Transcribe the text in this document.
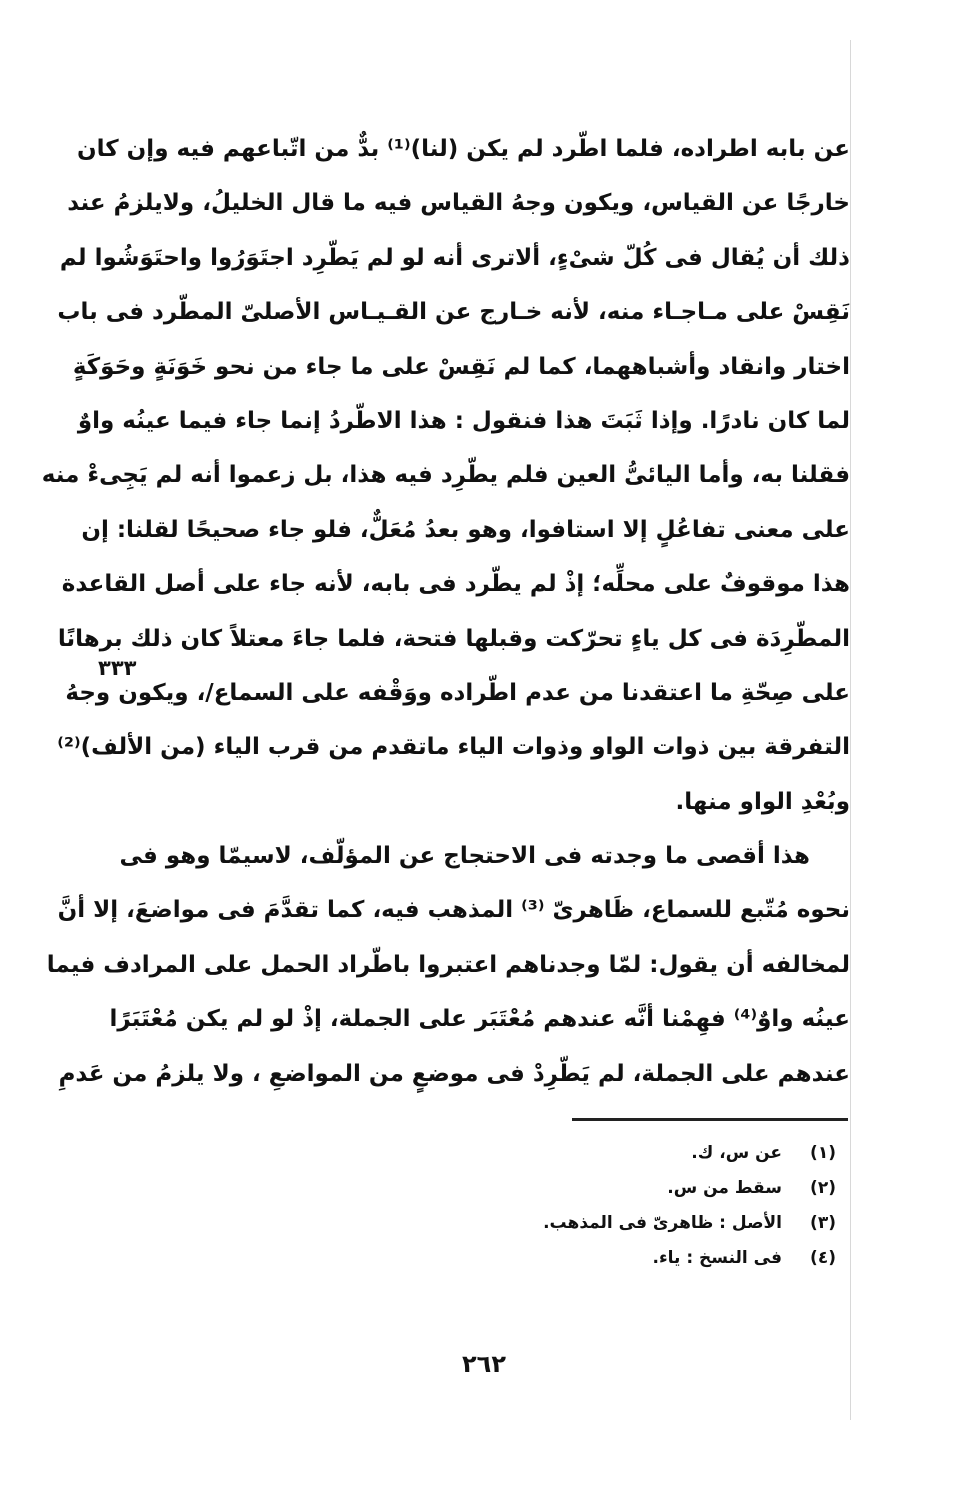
عن بابه اطراده، فلما اطّرد لم يكن (لنا)⁽¹⁾ بدٌّ من اتّباعهم فيه وإن كان
خارجًا عن القياس، ويكون وجهُ القياس فيه ما قال الخليلُ، ولايلزمُ عند
ذلك أن يُقال فى كُلّ شىْءٍ، ألاترى أنه لو لم يَطّرِد اجتَوَرُوا واحتَوَشُوا لم
نَقِسْ على مـاجـاء منه، لأنه خـارج عن القـيـاس الأصلىّ المطّرد فى باب
اختار وانقاد وأشباههما، كما لم نَقِسْ على ما جاء من نحو خَوَنَةٍ وحَوَكَةٍ
لما كان نادرًا. وإذا ثَبَتَ هذا فنقول : هذا الاطّردُ إنما جاء فيما عينُه واوٌ
فقلنا به، وأما اليائىُّ العين فلم يطّرِد فيه هذا، بل زعموا أنه لم يَجِىءْ منه
على معنى تفاعُلٍ إلا استافوا، وهو بعدُ مُعَلٌّ، فلو جاء صحيحًا لقلنا: إن
هذا موقوفٌ على محلِّه؛ إذْ لم يطّرد فى بابه، لأنه جاء على أصل القاعدة
المطّرِدَة فى كل ياءٍ تحرّكت وقبلها فتحة، فلما جاءَ معتلاً كان ذلك برهانًا
على صِحّةِ ما اعتقدنا من عدم اطّراده ووَقْفه على السماع/، ويكون وجهُ
التفرقة بين ذوات الواو وذوات الياء ماتقدم من قرب الياء (من الألف)⁽²⁾
وبُعْدِ الواو منها.
هذا أقصى ما وجدته فى الاحتجاج عن المؤلّف، لاسيمّا وهو فى
نحوه مُتّبع للسماع، ظَاهرىّ ⁽³⁾ المذهب فيه، كما تقدَّمَ فى مواضعَ، إلا أنَّ
لمخالفه أن يقول: لمّا وجدناهم اعتبروا باطّراد الحمل على المرادف فيما
عينُه واوٌ⁽⁴⁾ فهِمْنا أنَّه عندهم مُعْتَبَر على الجملة، إذْ لو لم يكن مُعْتَبَرًا
عندهم على الجملة، لم يَطّرِدْ فى موضعٍ من المواضعِ ، ولا يلزمُ من عَدمِ
٣٣٣
(١)
عن س، ك.
(٢)
سقط من س.
(٣)
الأصل : ظاهرىّ فى المذهب.
(٤)
فى النسخ : ياء.
٢٦٢
